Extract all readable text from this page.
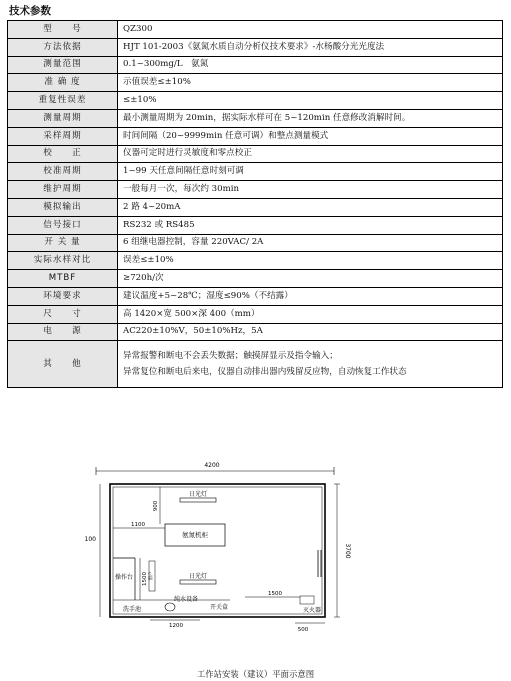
技术参数
型　　号	QZ300
方法依据	HJT 101-2003《氨氮水质自动分析仪技术要求》-水杨酸分光光度法
测量范围	0.1~300mg/L　氨氮
准 确 度	示值误差≤±10%
重复性误差	≤±10%
测量周期	最小测量周期为 20min，据实际水样可在 5~120min 任意修改消解时间。
采样周期	时间间隔（20~9999min 任意可调）和整点测量模式
校　　正	仪器可定时进行灵敏度和零点校正
校准周期	1~99 天任意间隔任意时刻可调
维护周期	一般每月一次，每次约 30min
模拟输出	2 路 4~20mA
信号接口	RS232 或 RS485
开 关 量	6 组继电器控制，容量 220VAC/ 2A
实际水样对比	误差≤±10%
MTBF	≥720h/次
环境要求	建议温度+5~28℃；湿度≤90%（不结露）
尺　　寸	高 1420×宽 500×深 400（mm）
电　　源	AC220±10%V，50±10%Hz，5A
其　　他	异常报警和断电不会丢失数据；触摸屏显示及指令输入；
异常复位和断电后来电，仪器自动排出器内残留反应物，自动恢复工作状态
4200
100
3700
氨氮机柜
900
1100
日光灯
日光灯
操作台 1500 窗户
纯水设备
洗手池	开关盒
1200
1500
灭火器
500
工作站安装（建议）平面示意图
